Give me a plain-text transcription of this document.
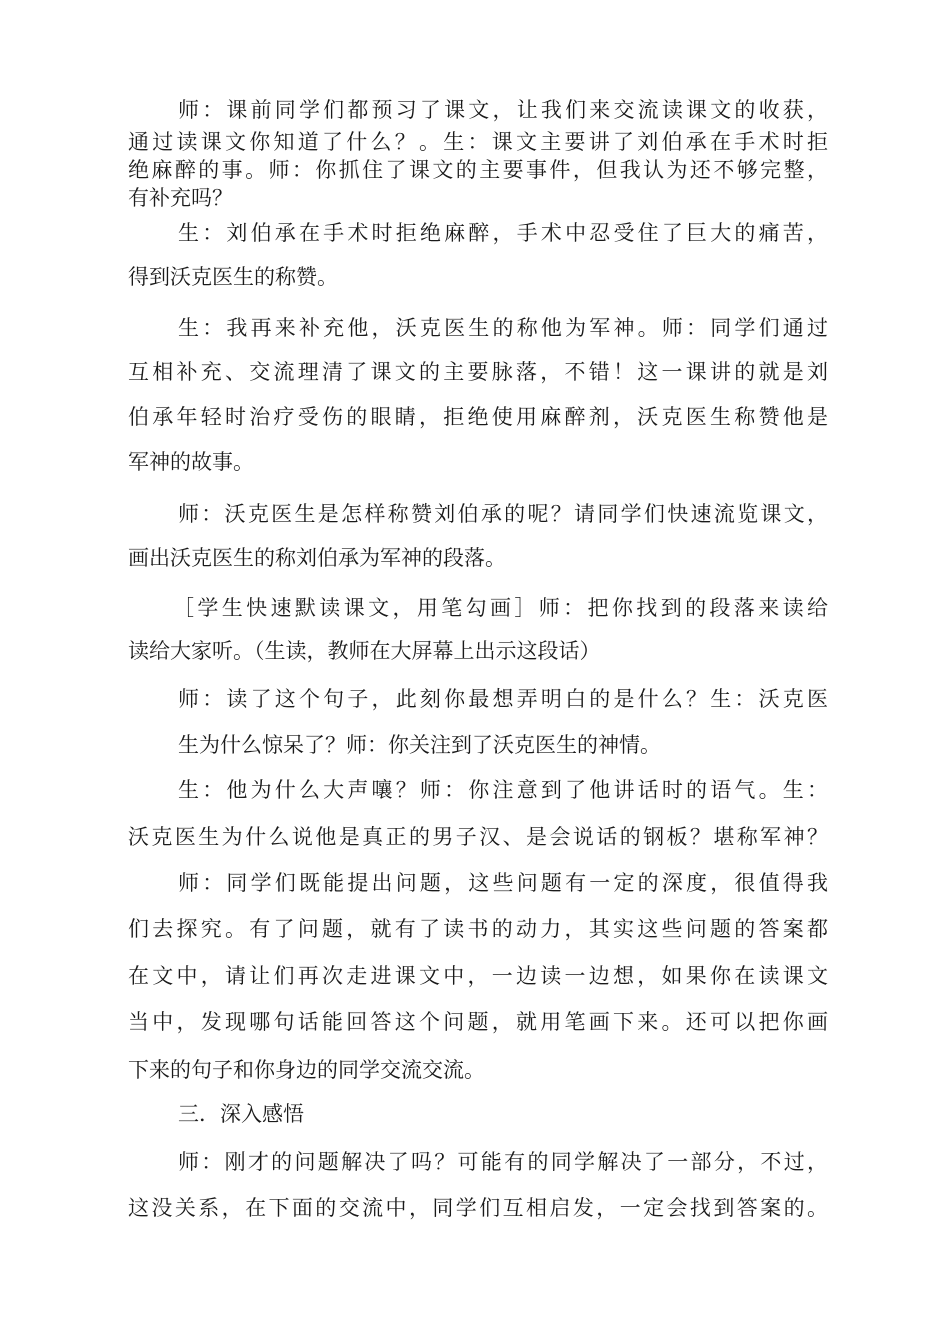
师：课前同学们都预习了课文，让我们来交流读课文的收获，
通过读课文你知道了什么？。生：课文主要讲了刘伯承在手术时拒
绝麻醉的事。师：你抓住了课文的主要事件，但我认为还不够完整，
有补充吗？
生：刘伯承在手术时拒绝麻醉，手术中忍受住了巨大的痛苦，
得到沃克医生的称赞。
生：我再来补充他，沃克医生的称他为军神。师：同学们通过
互相补充、交流理清了课文的主要脉落，不错！这一课讲的就是刘
伯承年轻时治疗受伤的眼睛，拒绝使用麻醉剂，沃克医生称赞他是
军神的故事。
师：沃克医生是怎样称赞刘伯承的呢？请同学们快速流览课文，
画出沃克医生的称刘伯承为军神的段落。
［学生快速默读课文，用笔勾画］师：把你找到的段落来读给
读给大家听。（生读，教师在大屏幕上出示这段话）
师：读了这个句子，此刻你最想弄明白的是什么？生：沃克医
生为什么惊呆了？师：你关注到了沃克医生的神情。
生：他为什么大声嚷？师：你注意到了他讲话时的语气。生：
沃克医生为什么说他是真正的男子汉、是会说话的钢板？堪称军神？
师：同学们既能提出问题，这些问题有一定的深度，很值得我
们去探究。有了问题，就有了读书的动力，其实这些问题的答案都
在文中，请让们再次走进课文中，一边读一边想，如果你在读课文
当中，发现哪句话能回答这个问题，就用笔画下来。还可以把你画
下来的句子和你身边的同学交流交流。
三．深入感悟
师：刚才的问题解决了吗？可能有的同学解决了一部分，不过，
这没关系，在下面的交流中，同学们互相启发，一定会找到答案的。
